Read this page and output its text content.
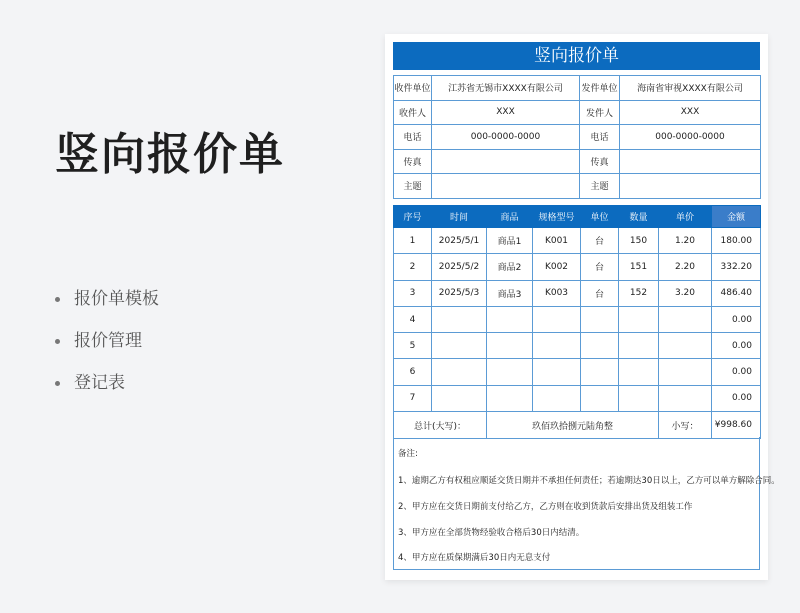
竖向报价单
报价单模板
报价管理
登记表
竖向报价单
收件单位	江苏省无锡市XXXX有限公司	发件单位	海南省审视XXXX有限公司
收件人	XXX	发件人	XXX
电话	000-0000-0000	电话	000-0000-0000
传真		传真	
主题		主题	
序号	时间	商品	规格型号	单位	数量	单价	金额
1	2025/5/1	商品1	K001	台	150	1.20	180.00
2	2025/5/2	商品2	K002	台	151	2.20	332.20
3	2025/5/3	商品3	K003	台	152	3.20	486.40
4							0.00
5							0.00
6							0.00
7							0.00
总计(大写)：		玖佰玖拾捌元陆角整				小写：	¥998.60
备注:
1、逾期乙方有权租应顺延交货日期并不承担任何责任；若逾期达30日以上，乙方可以单方解除合同。
2、甲方应在交货日期前支付给乙方，乙方则在收到货款后安排出货及组装工作
3、甲方应在全部货物经验收合格后30日内结清。
4、甲方应在质保期满后30日内无息支付
